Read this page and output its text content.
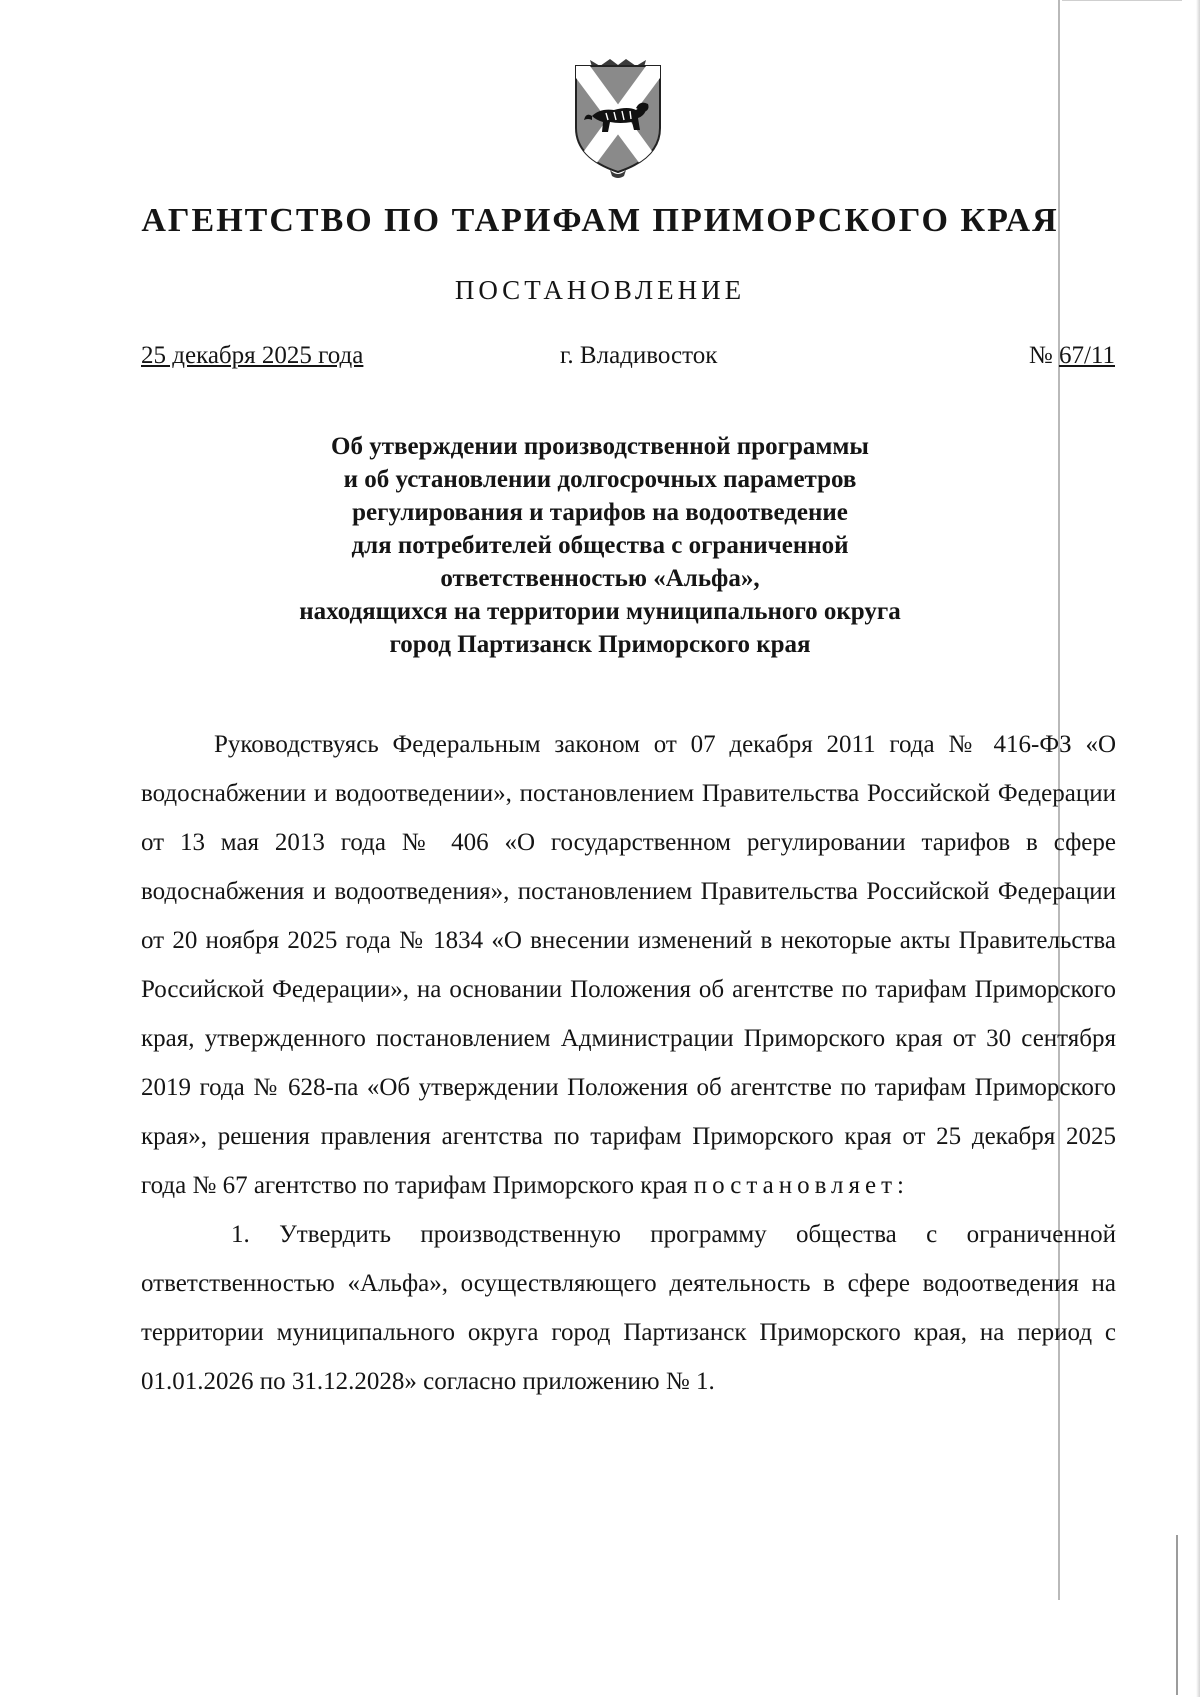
АГЕНТСТВО ПО ТАРИФАМ ПРИМОРСКОГО КРАЯ
ПОСТАНОВЛЕНИЕ
25 декабря 2025 года	г. Владивосток	№ 67/11
Об утверждении производственной программы
и об установлении долгосрочных параметров
регулирования и тарифов на водоотведение
для потребителей общества с ограниченной
ответственностью «Альфа»,
находящихся на территории муниципального округа
город Партизанск Приморского края

Руководствуясь Федеральным законом от 07 декабря 2011 года № 416-ФЗ «О водоснабжении и водоотведении», постановлением Правительства Российской Федерации от 13 мая 2013 года № 406 «О государственном регулировании тарифов в сфере водоснабжения и водоотведения», постановлением Правительства Российской Федерации от 20 ноября 2025 года № 1834 «О внесении изменений в некоторые акты Правительства Российской Федерации», на основании Положения об агентстве по тарифам Приморского края, утвержденного постановлением Администрации Приморского края от 30 сентября 2019 года № 628-па «Об утверждении Положения об агентстве по тарифам Приморского края», решения правления агентства по тарифам Приморского края от 25 декабря 2025 года № 67 агентство по тарифам Приморского края постановляет:

1. Утвердить производственную программу общества с ограниченной ответственностью «Альфа», осуществляющего деятельность в сфере водоотведения на территории муниципального округа город Партизанск Приморского края, на период с 01.01.2026 по 31.12.2028» согласно приложению № 1.
